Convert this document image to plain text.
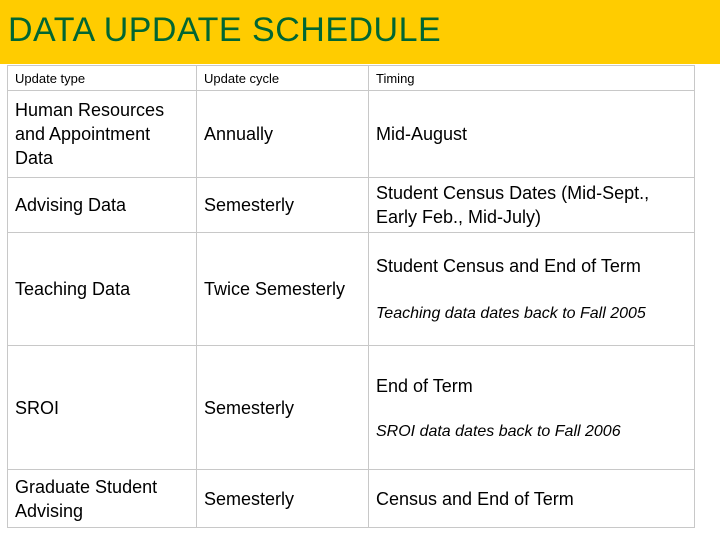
DATA UPDATE SCHEDULE
Update type	Update cycle	Timing
Human Resources and Appointment Data	Annually	Mid-August
Advising Data	Semesterly	Student Census Dates (Mid-Sept., Early Feb., Mid-July)
Teaching Data	Twice Semesterly	Student Census and End of Term
Teaching data dates back to Fall 2005

SROI	Semesterly	End of Term
SROI data dates back to Fall 2006

Graduate Student Advising	Semesterly	Census and End of Term
